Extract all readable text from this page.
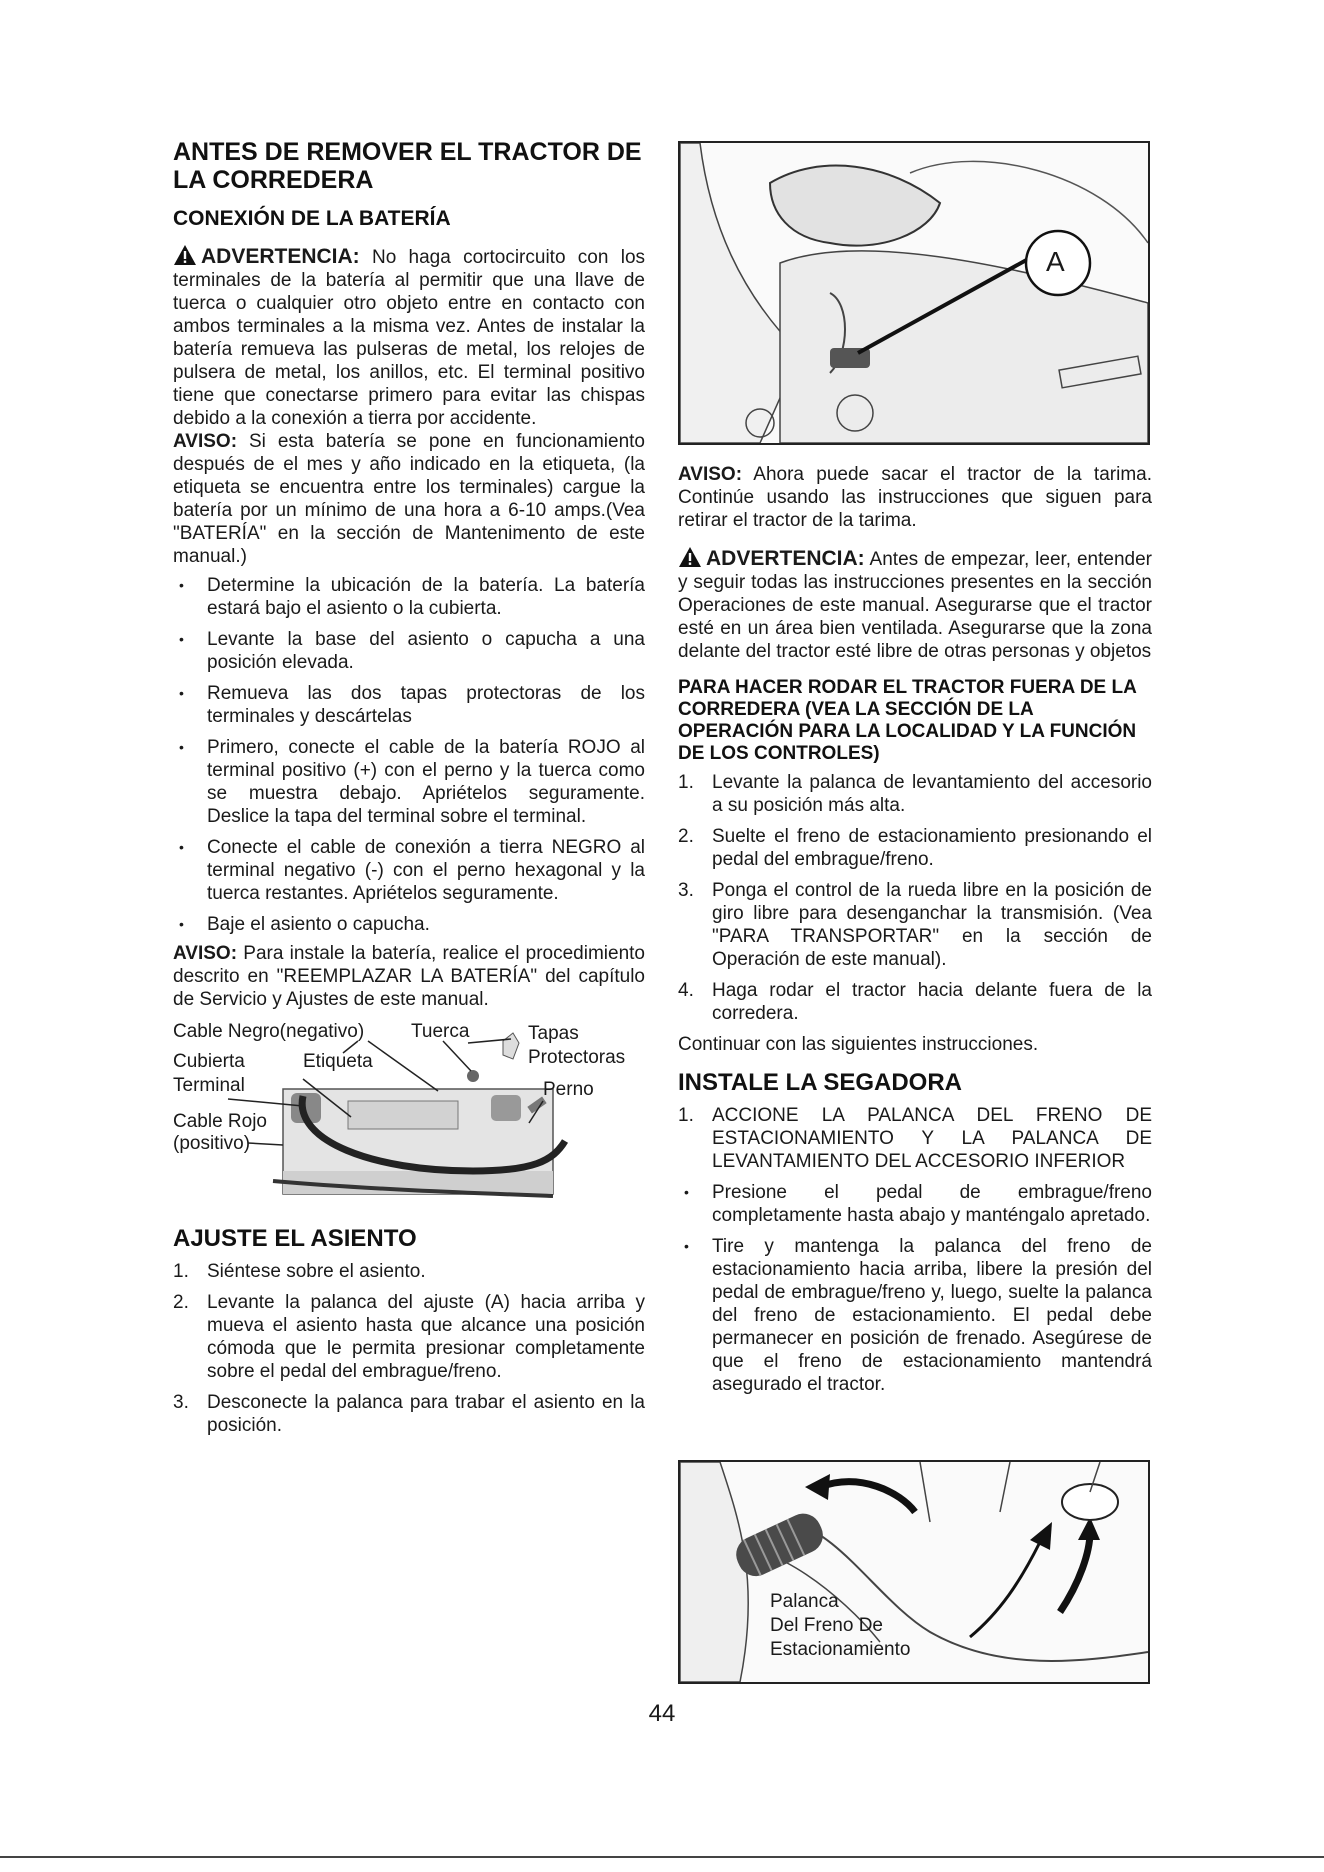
ANTES DE REMOVER EL TRACTOR DE LA CORREDERA
CONEXIÓN DE LA BATERÍA

ADVERTENCIA: No haga cortocircuito con los terminales de la batería al permitir que una llave de tuerca o cualquier otro objeto entre en contacto con ambos terminales a la misma vez. Antes de instalar la batería remueva las pulseras de metal, los relojes de pulsera de metal, los anillos, etc. El terminal positivo tiene que conectarse primero para evitar las chispas debido a la conexión a tierra por accidente.

AVISO: Si esta batería se pone en funcionamiento después de el mes y año indicado en la etiqueta, (la etiqueta se encuentra entre los terminales) cargue la batería por un mínimo de una hora a 6-10 amps.(Vea "BATERÍA" en la sección de Mantenimento de este manual.)

• Determine la ubicación de la batería. La batería estará bajo el asiento o la cubierta.
• Levante la base del asiento o capucha a una posición elevada.
• Remueva las dos tapas protectoras de los terminales y descártelas
• Primero, conecte el cable de la batería ROJO al terminal positivo (+) con el perno y la tuerca como se muestra debajo. Apriételos seguramente. Deslice la tapa del terminal sobre el terminal.
• Conecte el cable de conexión a tierra NEGRO al terminal negativo (-) con el perno hexagonal y la tuerca restantes. Apriételos seguramente.
• Baje el asiento o capucha.

AVISO: Para instale la batería, realice el procedimiento descrito en "REEMPLAZAR LA BATERÍA" del capítulo de Servicio y Ajustes de este manual.

Cable Negro(negativo) Tuerca	Tapas
Protectoras
Cubierta	Etiqueta
Terminal	Perno
Cable Rojo
(positivo)
AJUSTE EL ASIENTO
1. Siéntese sobre el asiento.
2. Levante la palanca del ajuste (A) hacia arriba y mueva el asiento hasta que alcance una posición cómoda que le permita presionar completamente sobre el pedal del embrague/freno.
3. Desconecte la palanca para trabar el asiento en la posición.
A

AVISO: Ahora puede sacar el tractor de la tarima. Continúe usando las instrucciones que siguen para retirar el tractor de la tarima.

ADVERTENCIA: Antes de empezar, leer, entender y seguir todas las instrucciones presentes en la sección Operaciones de este manual. Asegurarse que el tractor esté en un área bien ventilada. Asegurarse que la zona delante del tractor esté libre de otras personas y objetos

PARA HACER RODAR EL TRACTOR FUERA DE LA CORREDERA (VEA LA SECCIÓN DE LA OPERACIÓN PARA LA LOCALIDAD Y LA FUNCIÓN DE LOS CONTROLES)
1. Levante la palanca de levantamiento del accesorio a su posición más alta.
2. Suelte el freno de estacionamiento presionando el pedal del embrague/freno.
3. Ponga el control de la rueda libre en la posición de giro libre para desenganchar la transmisión. (Vea "PARA TRANSPORTAR" en la sección de Operación de este manual).
4. Haga rodar el tractor hacia delante fuera de la corredera.

Continuar con las siguientes instrucciones.

INSTALE LA SEGADORA
1. ACCIONE LA PALANCA DEL FRENO DE ESTACIONAMIENTO Y LA PALANCA DE LEVANTAMIENTO DEL ACCESORIO INFERIOR
• Presione el pedal de embrague/freno completamente hasta abajo y manténgalo apretado.
• Tire y mantenga la palanca del freno de estacionamiento hacia arriba, libere la presión del pedal de embrague/freno y, luego, suelte la palanca del freno de estacionamiento. El pedal debe permanecer en posición de frenado. Asegúrese de que el freno de estacionamiento mantendrá asegurado el tractor.
Palanca
Del Freno De
Estacionamiento
44
